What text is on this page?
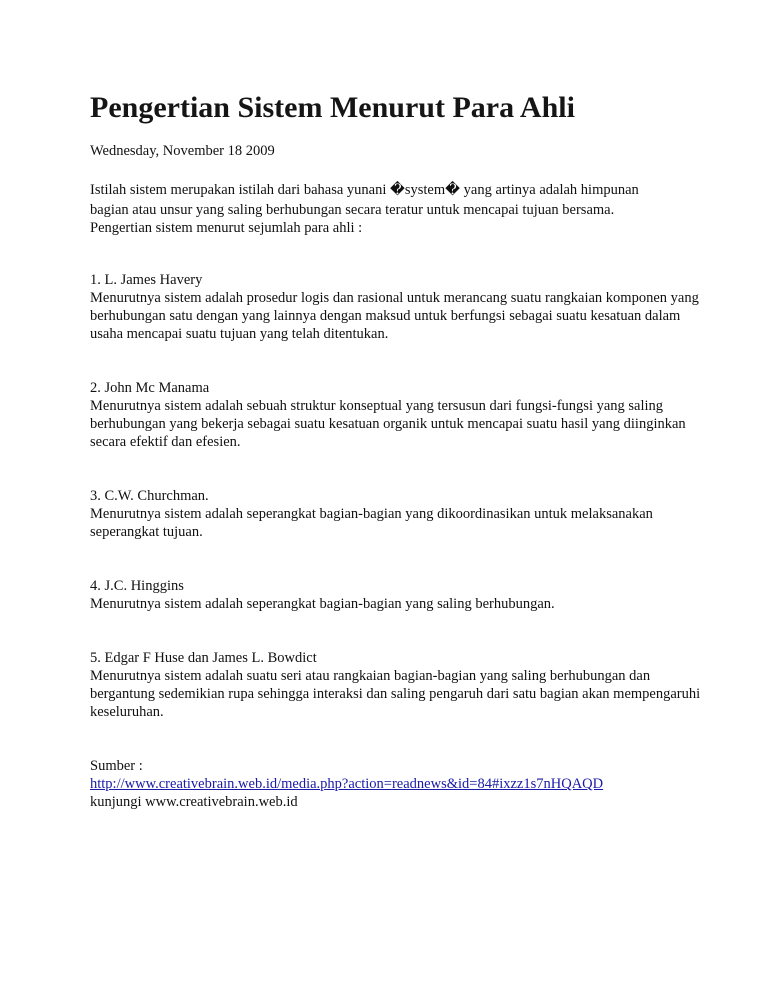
Pengertian Sistem Menurut Para Ahli
Wednesday, November 18 2009
Istilah sistem merupakan istilah dari bahasa yunani �system� yang artinya adalah himpunan
bagian atau unsur yang saling berhubungan secara teratur untuk mencapai tujuan bersama.
Pengertian sistem menurut sejumlah para ahli :
1. L. James Havery
Menurutnya sistem adalah prosedur logis dan rasional untuk merancang suatu rangkaian komponen yang berhubungan satu dengan yang lainnya dengan maksud untuk berfungsi sebagai suatu kesatuan dalam usaha mencapai suatu tujuan yang telah ditentukan.
2. John Mc Manama
Menurutnya sistem adalah sebuah struktur konseptual yang tersusun dari fungsi-fungsi yang saling berhubungan yang bekerja sebagai suatu kesatuan organik untuk mencapai suatu hasil yang diinginkan secara efektif dan efesien.
3. C.W. Churchman.
Menurutnya sistem adalah seperangkat bagian-bagian yang dikoordinasikan untuk melaksanakan seperangkat tujuan.
4. J.C. Hinggins
Menurutnya sistem adalah seperangkat bagian-bagian yang saling berhubungan.
5. Edgar F Huse dan James L. Bowdict
Menurutnya sistem adalah suatu seri atau rangkaian bagian-bagian yang saling berhubungan dan bergantung sedemikian rupa sehingga interaksi dan saling pengaruh dari satu bagian akan mempengaruhi keseluruhan.
Sumber :
http://www.creativebrain.web.id/media.php?action=readnews&id=84#ixzz1s7nHQAQD
kunjungi www.creativebrain.web.id
